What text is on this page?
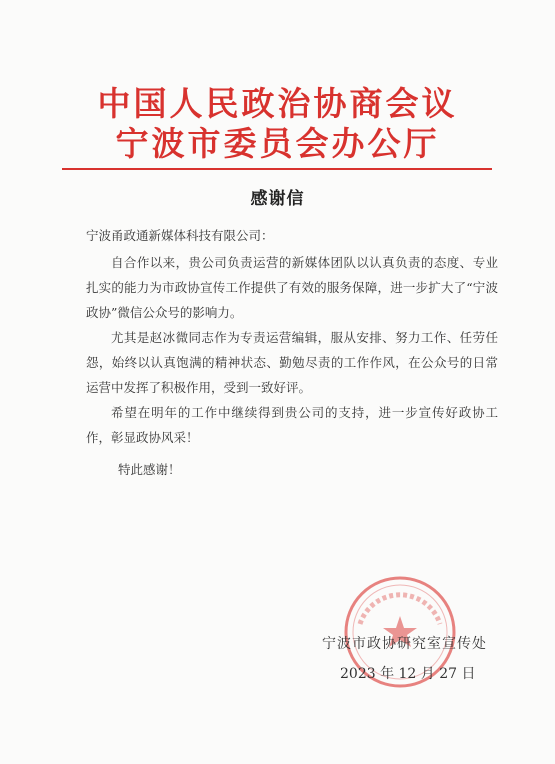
中国人民政治协商会议
宁波市委员会办公厅
感谢信
宁波甬政通新媒体科技有限公司：

自合作以来，贵公司负责运营的新媒体团队以认真负责的态度、专业扎实的能力为市政协宣传工作提供了有效的服务保障，进一步扩大了“宁波政协”微信公众号的影响力。

尤其是赵冰微同志作为专责运营编辑，服从安排、努力工作、任劳任怨，始终以认真饱满的精神状态、勤勉尽责的工作作风，在公众号的日常运营中发挥了积极作用，受到一致好评。

希望在明年的工作中继续得到贵公司的支持，进一步宣传好政协工作，彰显政协风采！

特此感谢！
宁波市政协研究室宣传处
2023 年 12 月 27 日
